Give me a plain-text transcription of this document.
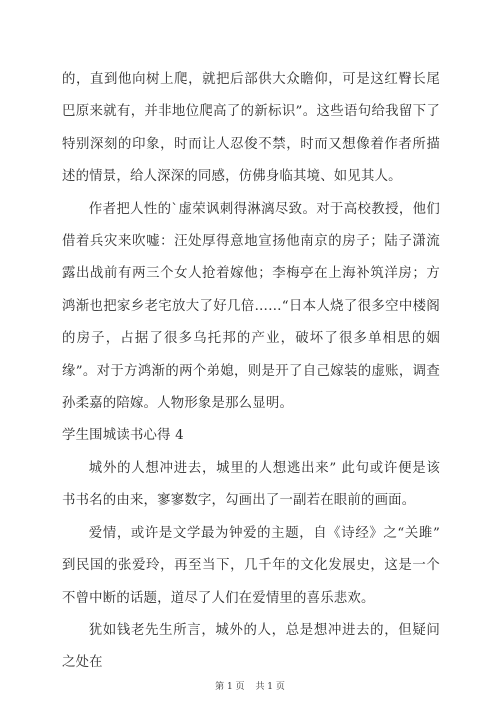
的，直到他向树上爬，就把后部供大众瞻仰，可是这红臀长尾巴原来就有，并非地位爬高了的新标识”。这些语句给我留下了特别深刻的印象，时而让人忍俊不禁，时而又想像着作者所描述的情景，给人深深的同感，仿佛身临其境、如见其人。

作者把人性的`虚荣讽刺得淋漓尽致。对于高校教授，他们借着兵灾来吹嘘：汪处厚得意地宣扬他南京的房子；陆子潇流露出战前有两三个女人抢着嫁他；李梅亭在上海补筑洋房；方鸿渐也把家乡老宅放大了好几倍……“日本人烧了很多空中楼阁的房子，占据了很多乌托邦的产业，破坏了很多单相思的姻缘”。对于方鸿渐的两个弟媳，则是开了自己嫁装的虚账，调查孙柔嘉的陪嫁。人物形象是那么显明。

学生围城读书心得 4

城外的人想冲进去，城里的人想逃出来” 此句或许便是该书书名的由来，寥寥数字，勾画出了一副若在眼前的画面。

爱情，或许是文学最为钟爱的主题，自《诗经》之“关雎” 到民国的张爱玲，再至当下，几千年的文化发展史，这是一个不曾中断的话题，道尽了人们在爱情里的喜乐悲欢。

犹如钱老先生所言，城外的人，总是想冲进去的，但疑问之处在

第 1 页 共 1 页
